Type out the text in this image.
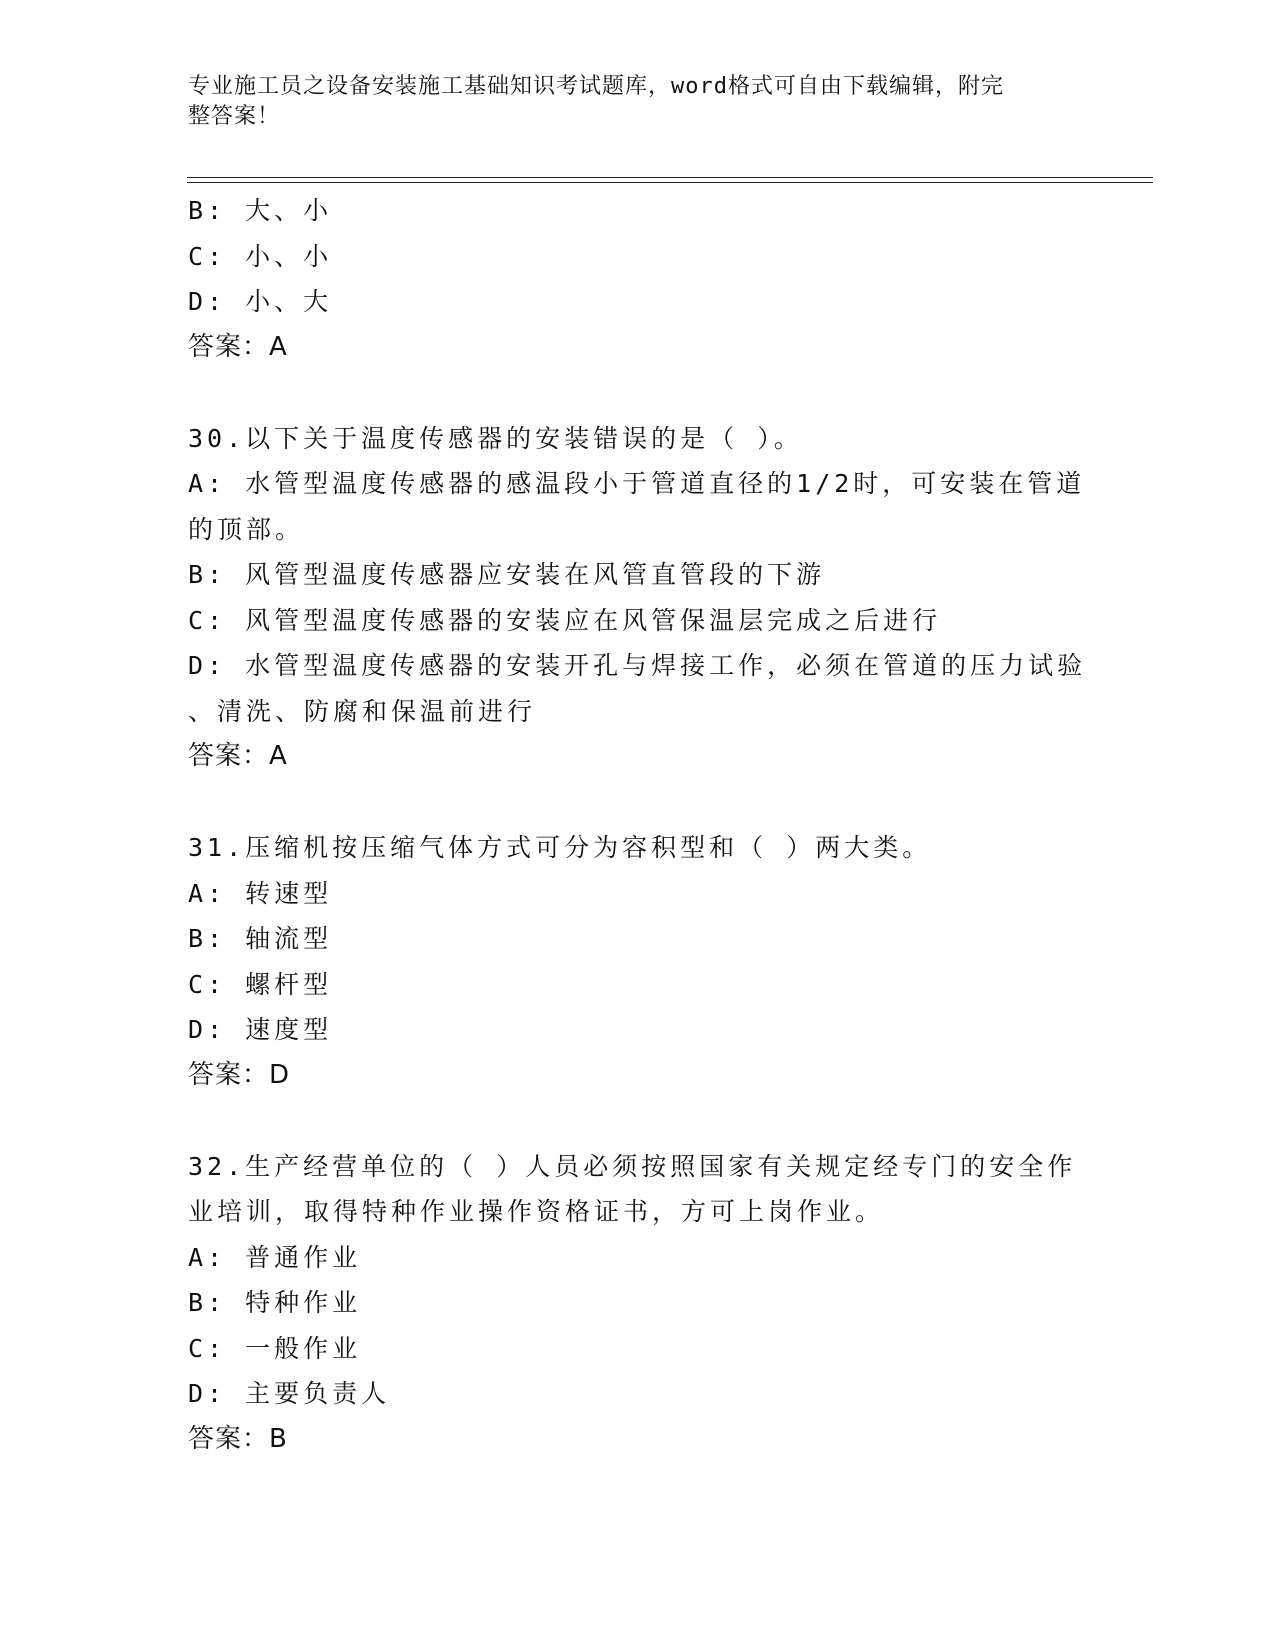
专业施工员之设备安装施工基础知识考试题库，word格式可自由下载编辑，附完
整答案！
B: 大、小
C: 小、小
D: 小、大
答案：A
30.以下关于温度传感器的安装错误的是（ ）。
A: 水管型温度传感器的感温段小于管道直径的1/2时，可安装在管道
的顶部。
B: 风管型温度传感器应安装在风管直管段的下游
C: 风管型温度传感器的安装应在风管保温层完成之后进行
D: 水管型温度传感器的安装开孔与焊接工作，必须在管道的压力试验
、清洗、防腐和保温前进行
答案：A
31.压缩机按压缩气体方式可分为容积型和（ ）两大类。
A: 转速型
B: 轴流型
C: 螺杆型
D: 速度型
答案：D
32.生产经营单位的（ ）人员必须按照国家有关规定经专门的安全作
业培训，取得特种作业操作资格证书，方可上岗作业。
A: 普通作业
B: 特种作业
C: 一般作业
D: 主要负责人
答案：B
